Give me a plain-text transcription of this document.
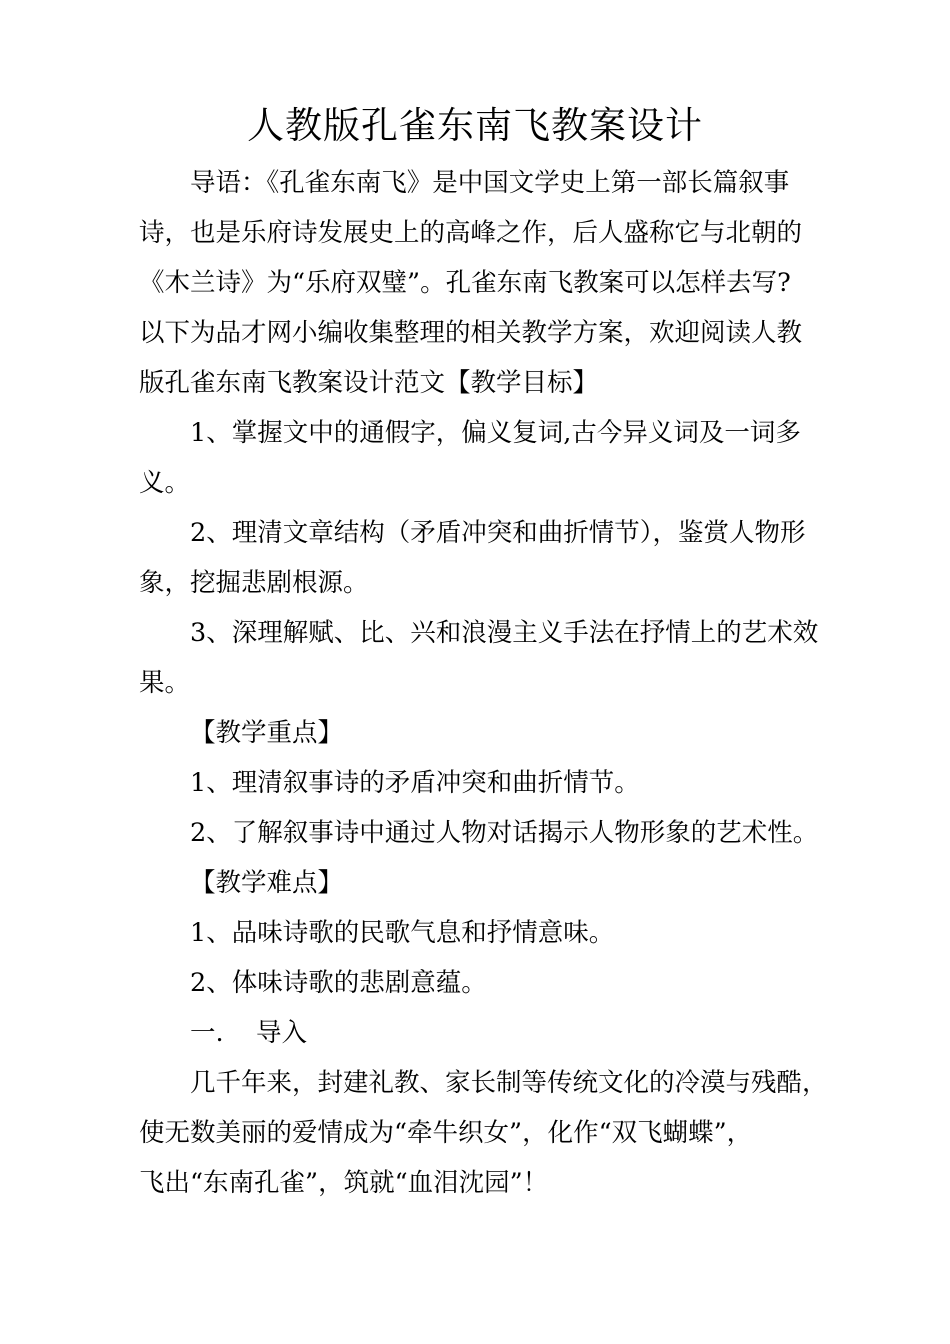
人教版孔雀东南飞教案设计

导语：《孔雀东南飞》是中国文学史上第一部长篇叙事

诗，也是乐府诗发展史上的高峰之作，后人盛称它与北朝的

《木兰诗》为“乐府双璧”。孔雀东南飞教案可以怎样去写?

以下为品才网小编收集整理的相关教学方案，欢迎阅读人教

版孔雀东南飞教案设计范文【教学目标】

1、掌握文中的通假字，偏义复词,古今异义词及一词多

义。

2、理清文章结构（矛盾冲突和曲折情节），鉴赏人物形

象，挖掘悲剧根源。

3、深理解赋、比、兴和浪漫主义手法在抒情上的艺术效

果。

【教学重点】

1、理清叙事诗的矛盾冲突和曲折情节。

2、了解叙事诗中通过人物对话揭示人物形象的艺术性。

【教学难点】

1、品味诗歌的民歌气息和抒情意味。

2、体味诗歌的悲剧意蕴。

一.    导入

几千年来，封建礼教、家长制等传统文化的冷漠与残酷，

使无数美丽的爱情成为“牵牛织女”，化作“双飞蝴蝶”，

飞出“东南孔雀”，筑就“血泪沈园”！
